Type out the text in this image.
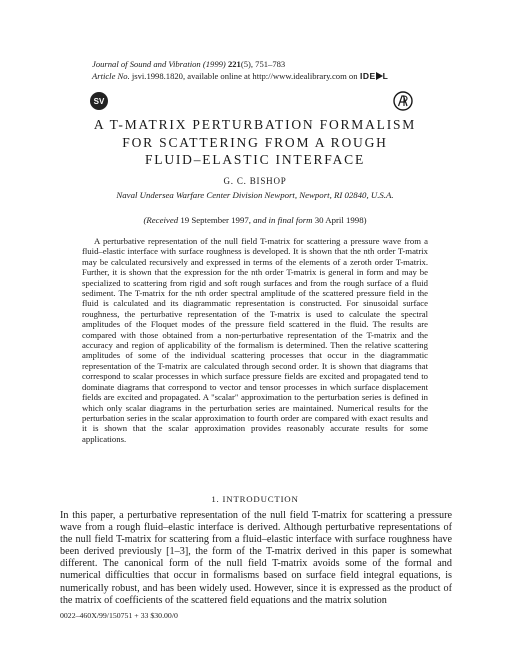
Journal of Sound and Vibration (1999) 221(5), 751–783
Article No. jsvi.1998.1820, available online at http://www.idealibrary.com on IDE L
SV
A T-MATRIX PERTURBATION FORMALISM
FOR SCATTERING FROM A ROUGH
FLUID–ELASTIC INTERFACE
G. C. BISHOP
Naval Undersea Warfare Center Division Newport, Newport, RI 02840, U.S.A.
(Received 19 September 1997, and in final form 30 April 1998)

A perturbative representation of the null field T-matrix for scattering a pressure wave from a fluid–elastic interface with surface roughness is developed. It is shown that the nth order T-matrix may be calculated recursively and expressed in terms of the elements of a zeroth order T-matrix. Further, it is shown that the expression for the nth order T-matrix is general in form and may be specialized to scattering from rigid and soft rough surfaces and from the rough surface of a fluid sediment. The T-matrix for the nth order spectral amplitude of the scattered pressure field in the fluid is calculated and its diagrammatic representation is constructed. For sinusoidal surface roughness, the perturbative representation of the T-matrix is used to calculate the spectral amplitudes of the Floquet modes of the pressure field scattered in the fluid. The results are compared with those obtained from a non-perturbative representation of the T-matrix and the accuracy and region of applicability of the formalism is determined. Then the relative scattering amplitudes of some of the individual scattering processes that occur in the diagrammatic representation of the T-matrix are calculated through second order. It is shown that diagrams that correspond to scalar processes in which surface pressure fields are excited and propagated tend to dominate diagrams that correspond to vector and tensor processes in which surface displacement fields are excited and propagated. A "scalar" approximation to the perturbation series is defined in which only scalar diagrams in the perturbation series are maintained. Numerical results for the perturbation series in the scalar approximation to fourth order are compared with exact results and it is shown that the scalar approximation provides reasonably accurate results for some applications.

1. INTRODUCTION

In this paper, a perturbative representation of the null field T-matrix for scattering a pressure wave from a rough fluid–elastic interface is derived. Although perturbative representations of the null field T-matrix for scattering from a fluid–elastic interface with surface roughness have been derived previously [1–3], the form of the T-matrix derived in this paper is somewhat different. The canonical form of the null field T-matrix avoids some of the formal and numerical difficulties that occur in formalisms based on surface field integral equations, is numerically robust, and has been widely used. However, since it is expressed as the product of the matrix of coefficients of the scattered field equations and the matrix solution

0022–460X/99/150751 + 33 $30.00/0
